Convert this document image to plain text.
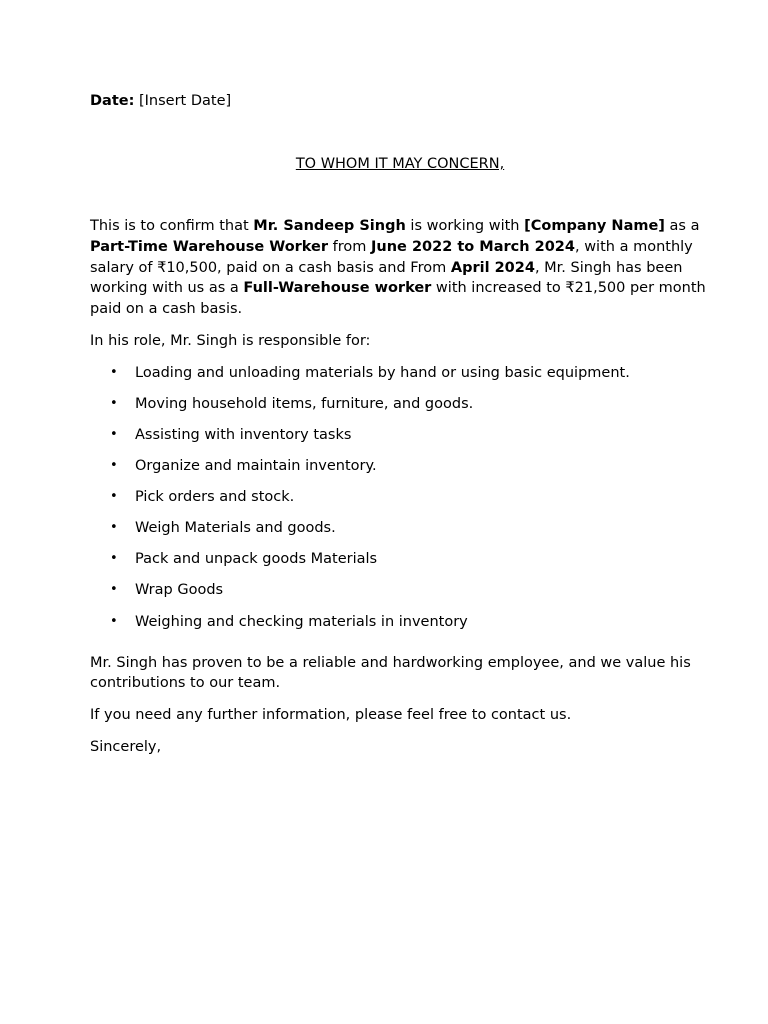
Date: [Insert Date]
TO WHOM IT MAY CONCERN,

This is to confirm that Mr. Sandeep Singh is working with [Company Name] as a Part-Time Warehouse Worker from June 2022 to March 2024, with a monthly salary of ₹10,500, paid on a cash basis and From April 2024, Mr. Singh has been working with us as a Full-Warehouse worker with increased to ₹21,500 per month paid on a cash basis.

In his role, Mr. Singh is responsible for:

• Loading and unloading materials by hand or using basic equipment.
• Moving household items, furniture, and goods.
• Assisting with inventory tasks
• Organize and maintain inventory.
• Pick orders and stock.
• Weigh Materials and goods.
• Pack and unpack goods Materials
• Wrap Goods
• Weighing and checking materials in inventory

Mr. Singh has proven to be a reliable and hardworking employee, and we value his contributions to our team.

If you need any further information, please feel free to contact us.

Sincerely,
